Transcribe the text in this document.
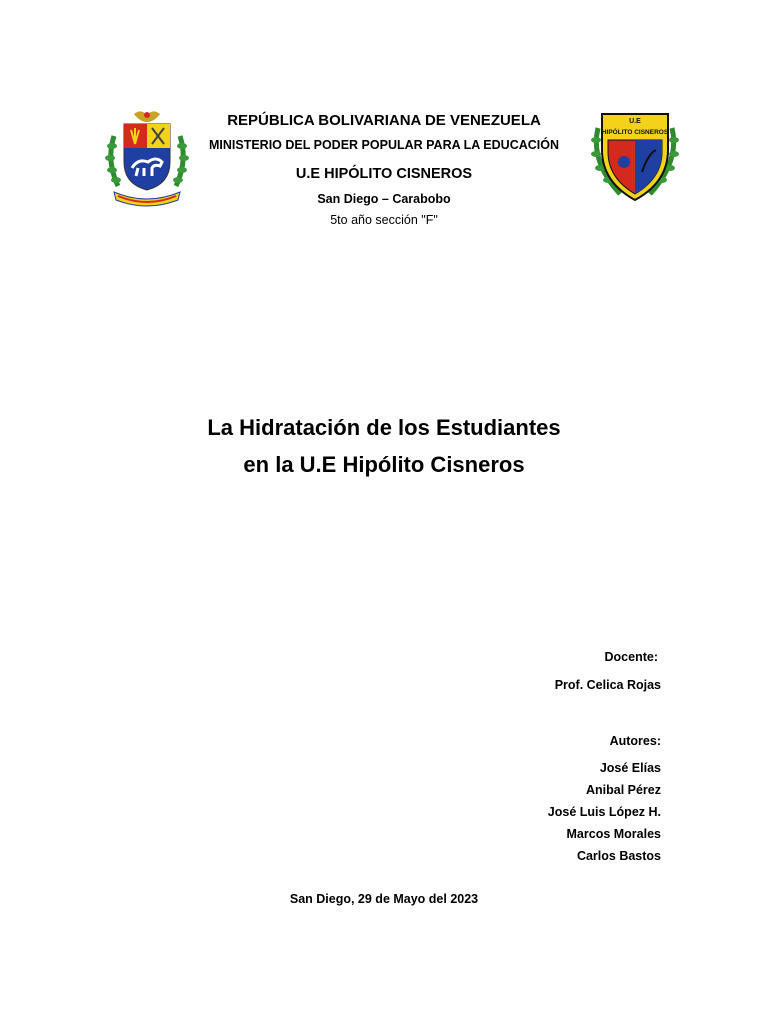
REPÚBLICA BOLIVARIANA DE VENEZUELA
MINISTERIO DEL PODER POPULAR PARA LA EDUCACIÓN
U.E HIPÓLITO CISNEROS
San Diego – Carabobo
5to año sección "F"
U.E
HIPÓLITO CISNEROS
La Hidratación de los Estudiantes
en la U.E Hipólito Cisneros
Docente:
Prof. Celica Rojas
Autores:
José Elías
Anibal Pérez
José Luis López H.
Marcos Morales
Carlos Bastos
San Diego, 29 de Mayo del 2023
